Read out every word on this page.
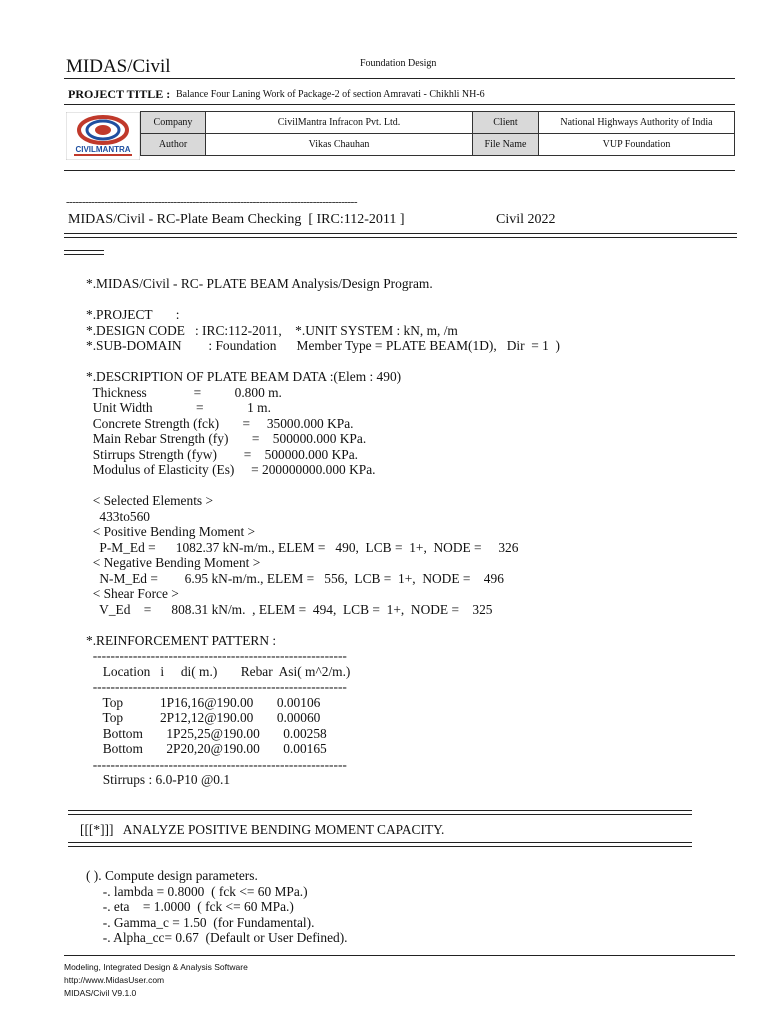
MIDAS/Civil	Foundation Design
PROJECT TITLE : Balance Four Laning Work of Package-2 of section Amravati - Chikhli NH-6
CIVILMANTRA
Company	CivilMantra Infracon Pvt. Ltd.	Client	National Highways Authority of India
Author	Vikas Chauhan	File Name	VUP Foundation
--------------------------------------------------------------------------------------------
MIDAS/Civil - RC-Plate Beam Checking  [ IRC:112-2011 ]	Civil 2022
*.MIDAS/Civil - RC- PLATE BEAM Analysis/Design Program.
*.PROJECT       :
*.DESIGN CODE   : IRC:112-2011,    *.UNIT SYSTEM : kN, m, /m
*.SUB-DOMAIN        : Foundation      Member Type = PLATE BEAM(1D),   Dir  = 1  )
*.DESCRIPTION OF PLATE BEAM DATA :(Elem : 490)
Thickness              =          0.800 m.
Unit Width             =             1 m.
Concrete Strength (fck)       =     35000.000 KPa.
Main Rebar Strength (fy)       =    500000.000 KPa.
Stirrups Strength (fyw)        =    500000.000 KPa.
Modulus of Elasticity (Es)     = 200000000.000 KPa.
< Selected Elements >
433to560
< Positive Bending Moment >
P-M_Ed =      1082.37 kN-m/m., ELEM =   490,  LCB =  1+,  NODE =     326
< Negative Bending Moment >
N-M_Ed =        6.95 kN-m/m., ELEM =   556,  LCB =  1+,  NODE =    496
< Shear Force >
V_Ed    =      808.31 kN/m.  , ELEM =  494,  LCB =  1+,  NODE =    325
*.REINFORCEMENT PATTERN :
---------------------------------------------------------
Location   i     di( m.)       Rebar  Asi( m^2/m.)
---------------------------------------------------------
Top           1P16,16@190.00       0.00106
Top           2P12,12@190.00       0.00060
Bottom       1P25,25@190.00       0.00258
Bottom       2P20,20@190.00       0.00165
---------------------------------------------------------
Stirrups : 6.0-P10 @0.1
[[[*]]]   ANALYZE POSITIVE BENDING MOMENT CAPACITY.
( ). Compute design parameters.
-. lambda = 0.8000  ( fck <= 60 MPa.)
-. eta    = 1.0000  ( fck <= 60 MPa.)
-. Gamma_c = 1.50  (for Fundamental).
-. Alpha_cc= 0.67  (Default or User Defined).
Modeling, Integrated Design & Analysis Software
http://www.MidasUser.com
MIDAS/Civil V9.1.0
